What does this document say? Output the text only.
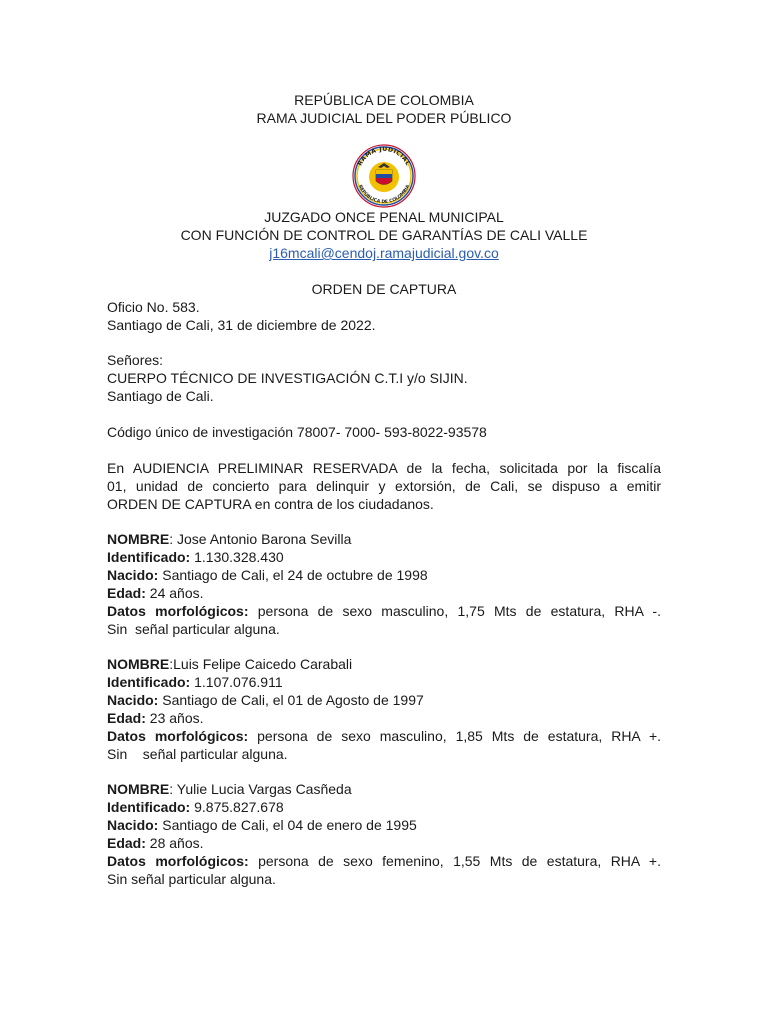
REPÚBLICA DE COLOMBIA
RAMA JUDICIAL DEL PODER PÚBLICO
RAMA JUDICIAL
REPÚBLICA DE COLOMBIA
JUZGADO ONCE PENAL MUNICIPAL
CON FUNCIÓN DE CONTROL DE GARANTÍAS DE CALI VALLE
j16mcali@cendoj.ramajudicial.gov.co
ORDEN DE CAPTURA
Oficio No. 583.
Santiago de Cali, 31 de diciembre de 2022.
Señores:
CUERPO TÉCNICO DE INVESTIGACIÓN C.T.I y/o SIJIN.
Santiago de Cali.
Código único de investigación 78007- 7000- 593-8022-93578
En AUDIENCIA PRELIMINAR RESERVADA de la fecha, solicitada por la fiscalía
01, unidad de concierto para delinquir y extorsión, de Cali, se dispuso a emitir
ORDEN DE CAPTURA en contra de los ciudadanos.
NOMBRE: Jose Antonio Barona Sevilla
Identificado: 1.130.328.430
Nacido: Santiago de Cali, el 24 de octubre de 1998
Edad: 24 años.
Datos morfológicos: persona de sexo masculino, 1,75 Mts de estatura, RHA -.
Sin  señal particular alguna.
NOMBRE:Luis Felipe Caicedo Carabali
Identificado: 1.107.076.911
Nacido: Santiago de Cali, el 01 de Agosto de 1997
Edad: 23 años.
Datos morfológicos: persona de sexo masculino, 1,85 Mts de estatura, RHA +.
Sin    señal particular alguna.
NOMBRE: Yulie Lucia Vargas Casñeda
Identificado: 9.875.827.678
Nacido: Santiago de Cali, el 04 de enero de 1995
Edad: 28 años.
Datos morfológicos: persona de sexo femenino, 1,55 Mts de estatura, RHA +.
Sin señal particular alguna.
